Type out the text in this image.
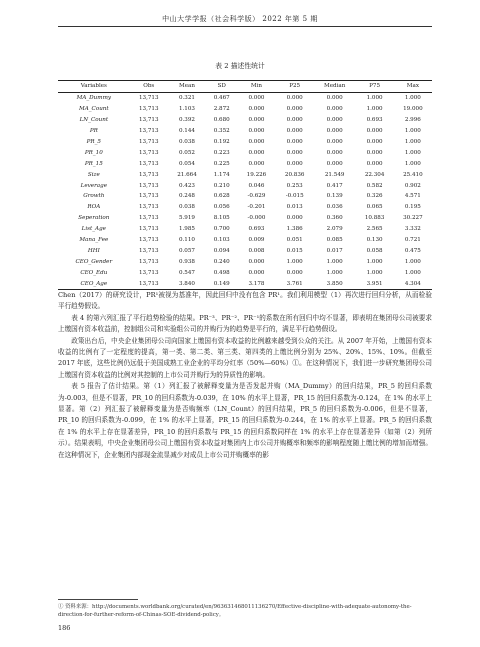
中山大学学报（社会科学版） 2022 年第 5 期
表 2 描述性统计
Variables	Obs	Mean	SD	Min	P25	Median	P75	Max
MA_Dummy	13,713	0.321	0.467	0.000	0.000	0.000	1.000	1.000
MA_Count	13,713	1.103	2.872	0.000	0.000	0.000	1.000	19.000
LN_Count	13,713	0.392	0.680	0.000	0.000	0.000	0.693	2.996
PR	13,713	0.144	0.352	0.000	0.000	0.000	0.000	1.000
PR_5	13,713	0.038	0.192	0.000	0.000	0.000	0.000	1.000
PR_10	13,713	0.052	0.223	0.000	0.000	0.000	0.000	1.000
PR_15	13,713	0.054	0.225	0.000	0.000	0.000	0.000	1.000
Size	13,713	21.664	1.174	19.226	20.836	21.549	22.304	25.410
Leverage	13,713	0.423	0.210	0.046	0.253	0.417	0.582	0.902
Growth	13,713	0.248	0.628	-0.629	-0.015	0.139	0.326	4.571
ROA	13,713	0.038	0.056	-0.201	0.013	0.036	0.065	0.195
Seperation	13,713	5.919	8.105	-0.000	0.000	0.360	10.883	30.227
List_Age	13,713	1.985	0.700	0.693	1.386	2.079	2.565	3.332
Mana_Fee	13,713	0.110	0.103	0.009	0.051	0.085	0.130	0.721
HHI	13,713	0.057	0.094	0.008	0.015	0.017	0.058	0.475
CEO_Gender	13,713	0.938	0.240	0.000	1.000	1.000	1.000	1.000
CEO_Edu	13,713	0.547	0.498	0.000	0.000	1.000	1.000	1.000
CEO_Age	13,713	3.840	0.149	3.178	3.761	3.850	3.951	4.304

Chen（2017）的研究设计，PR¹被视为基准年，因此回归中没有包含 PR¹。我们利用模型（1）再次进行回归分析，从而检验平行趋势假设。

表 4 的第六列汇报了平行趋势检验的结果。PR⁻³、PR⁻²、PR⁻¹的系数在所有回归中均不显著，即表明在集团母公司被要求上缴国有资本收益前，控制组公司和实验组公司的并购行为的趋势是平行的，满足平行趋势假设。

政策出台后，中央企业集团母公司向国家上缴国有资本收益的比例越来越受到公众的关注。从 2007 年开始，上缴国有资本收益的比例有了一定程度的提高，第一类、第二类、第三类、第四类的上缴比例分别为 25%、20%、15%、10%。但截至 2017 年底，这些比例仍远低于美国成熟工业企业的平均分红率（50%—60%）①。在这种情况下，我们进一步研究集团母公司上缴国有资本收益的比例对其控制的上市公司并购行为的异质性的影响。

表 5 报告了估计结果。第（1）列汇报了被解释变量为是否发起并购（MA_Dummy）的回归结果，PR_5 的回归系数为-0.003，但是不显著，PR_10 的回归系数为-0.039，在 10% 的水平上显著，PR_15 的回归系数为-0.124，在 1% 的水平上显著。第（2）列汇报了被解释变量为是否购频率（LN_Count）的回归结果，PR_5 的回归系数为-0.006，但是不显著，PR_10 的回归系数为-0.099，在 1% 的水平上显著，PR_15 的回归系数为-0.244，在 1% 的水平上显著。PR_5 的回归系数在 1% 的水平上存在显著差异，PR_10 的回归系数与 PR_15 的回归系数同样在 1% 的水平上存在显著差异（如第（2）列所示）。结果表明，中央企业集团母公司上缴国有资本收益对集团内上市公司并购概率和频率的影响程度随上缴比例的增加而增强。在这种情况下，企业集团内部现金流显减少对成员上市公司并购概率的影

① 资料来源：http://documents.worldbank.org/curated/en/963631468011136270/Effective-discipline-with-adequate-autonomy-the-direction-for-further-reform-of-Chinas-SOE-dividend-policy。
186
